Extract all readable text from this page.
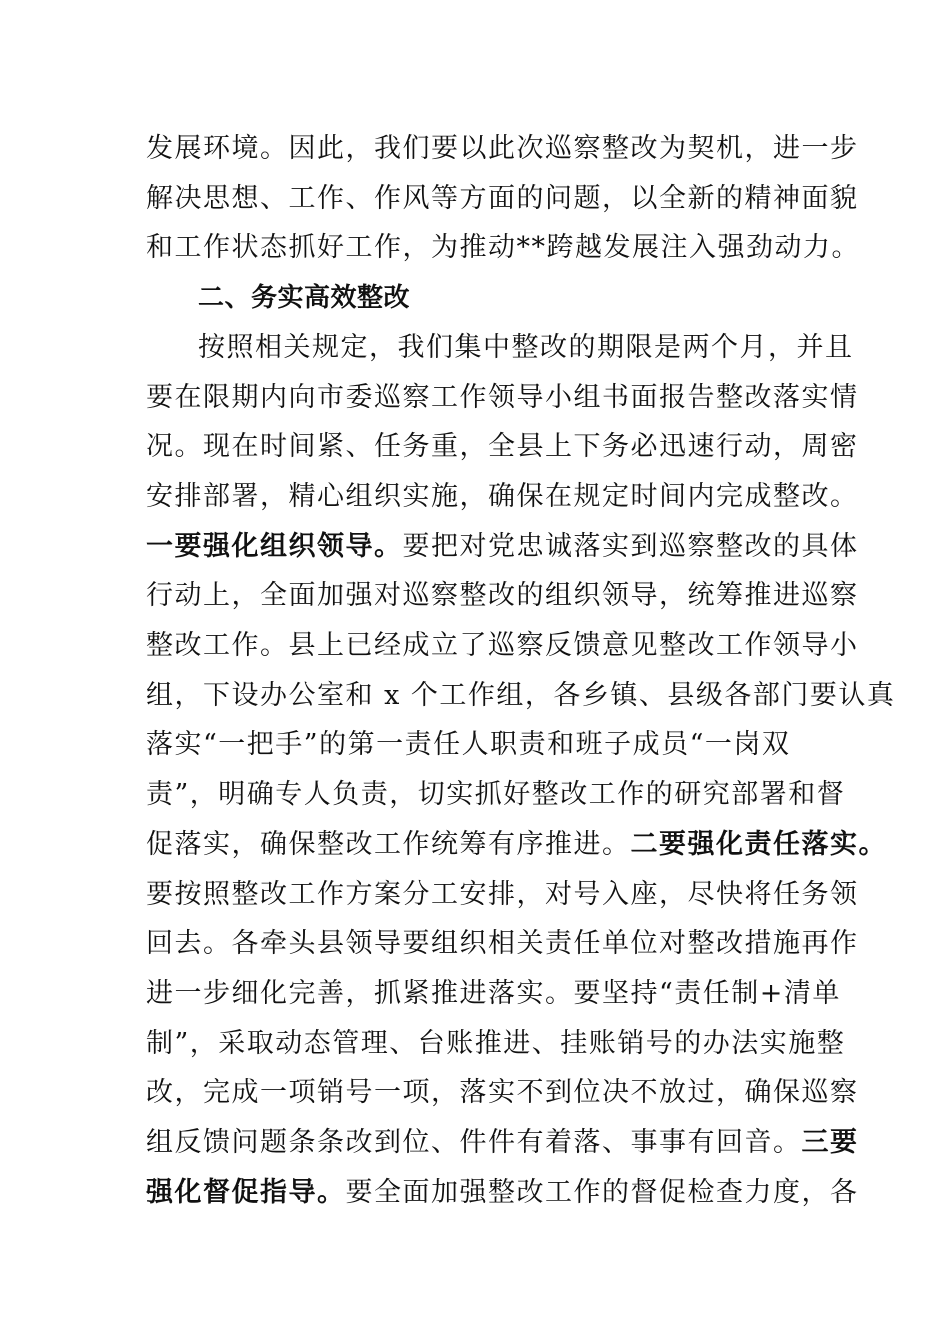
发展环境。因此，我们要以此次巡察整改为契机，进一步
解决思想、工作、作风等方面的问题，以全新的精神面貌
和工作状态抓好工作，为推动**跨越发展注入强劲动力。
二、务实高效整改
按照相关规定，我们集中整改的期限是两个月，并且
要在限期内向市委巡察工作领导小组书面报告整改落实情
况。现在时间紧、任务重，全县上下务必迅速行动，周密
安排部署，精心组织实施，确保在规定时间内完成整改。
一要强化组织领导。要把对党忠诚落实到巡察整改的具体
行动上，全面加强对巡察整改的组织领导，统筹推进巡察
整改工作。县上已经成立了巡察反馈意见整改工作领导小
组，下设办公室和 x 个工作组，各乡镇、县级各部门要认真
落实“一把手”的第一责任人职责和班子成员“一岗双
责”，明确专人负责，切实抓好整改工作的研究部署和督
促落实，确保整改工作统筹有序推进。二要强化责任落实。
要按照整改工作方案分工安排，对号入座，尽快将任务领
回去。各牵头县领导要组织相关责任单位对整改措施再作
进一步细化完善，抓紧推进落实。要坚持“责任制+清单
制”，采取动态管理、台账推进、挂账销号的办法实施整
改，完成一项销号一项，落实不到位决不放过，确保巡察
组反馈问题条条改到位、件件有着落、事事有回音。三要
强化督促指导。要全面加强整改工作的督促检查力度，各
